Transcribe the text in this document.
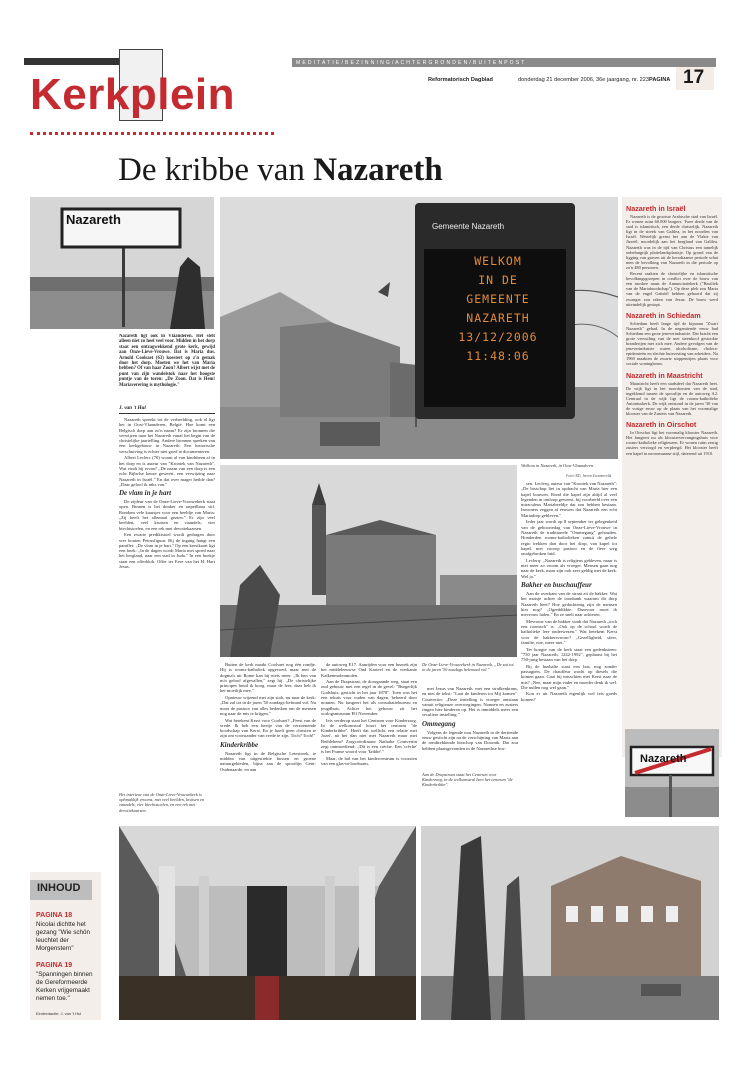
M E D I T A T I E / B E Z I N N I N G / A C H T E R G R O N D E N / B U I T E N P O S T
Kerkplein	Reformatorisch Dagblad	donderdag 21 december 2006, 36e jaargang, nr. 223 PAGINA 17
De kribbe van Nazareth
Nazareth	Gemeente Nazareth
WELKOM
IN DE
GEMEENTE
NAZARETH
13/12/2006
11:48:06
Nazareth in Israël

Nazareth is de grootste Arabische stad van Israël. Er wonen ruim 60.000 burgers. Twee derde van de stad is islamitisch, een derde christelijk. Nazareth ligt in de streek van Galilea, in het noorden van Israël. Westelijk grenst het aan de Vlakte van Jizreël, noordelijk aan het bergland van Galilea. Nazareth was in de tijd van Christus een tamelijk onbelangrijk plattelandsplaatsje. Op grond van de ligging van graven uit de herodiaanse periode schat men de bevolking van Nazareth in die periode op zo'n 480 personen.

Recent raakten de christelijke en islamitische bevolkingsgroepen in conflict over de bouw van een moskee naast de Annunciatiekerk ("Basiliek van de Mariaboodschap"). Op deze plek zou Maria van de engel Gabriël hebben gehoord dat zij zwanger zou raken van Jezus. De bouw werd uiteindelijk gestopt.

Nazareth in Schiedam

Schiedam heeft lange tijd de bijnaam "Zwart Nazareth" gehad. In de negentiende eeuw had Schiedam een grote jeneverindustrie. Dat bracht een grote vervuiling van de met steenkool gestookte branderijen met zich mee. Andere gevolgen van de jeneverindustrie waren alcoholisme, cholera-epidemieën en slechte huisvesting van arbeiders. Na 1960 maakten de zwarte stoppenrijen plaats voor sociale woningbouw.

Nazareth in Maastricht

Maastricht heeft een stadsdeel dat Nazareth heet. De wijk ligt in het noordoosten van de stad, ingeklemd tussen de spoorlijn en de autoweg A2. Centraal in de wijk ligt de rooms-katholieke Antoniuskerk. De wijk ontstond in de jaren '30 van de vorige eeuw op de plaats van het voormalige klooster van de Zusters van Nazareth.

Nazareth in Oirschot

In Oirschot ligt het voormalig klooster Nazareth. Het fungeert nu als kloostervervangingshuis voor rooms-katholieke religieuzen. Er wonen ruim zestig zusters verzorgd en verpleegd. Het klooster heeft een kapel in neoromaanse stijl, daterend uit 1910.

Nazareth ligt ook in Vlaanderen. Het stelt alleen niet zo heel veel voor. Midden in het dorp staat een ontzagwekkend grote kerk, gewijd aan Onze-Lieve-Vrouwe. Dat is Maria dus. Arnold Coolsaet (63) koestert op z'n gemak door het dorp. Moeten we het van Maria hebben? Of van haar Zoon? Albert wijst met de punt van zijn wandelstok naar het hoogste puntje van de toren: „De Zoon. Dat is Hem! Mariaverering is mythologie."
J. van 't Hul

Nazareth spreekt tot de verbeelding, ook al ligt het in Oost-Vlaanderen, België. Hoe komt een Belgisch dorp aan zo'n naam? Er zijn bronnen die verwijzen naar het Nazareth vanaf het begin van de christelijke jaartelling. Andere bronnen spreken van een kerkgebouw in Nazareth. Een historische verschuiving is echter niet goed te documenteren.

Albert Leclerc (70) woont al van kindsbeen af in het dorp en is auteur van "Kroniek van Nazareth". Wat vindt hij ervan? „De naam van een dorp is een echt Bijbelse keuze geweest, een verwijzing naar Nazareth in Israël." En dat over mager heilde dan? „Daar geloof ik niks van."

De vlam in je hart

De zijdeur van de Onze-Lieve-Vrouwekerk staat open. Binnen is het donker en onpeilbaar stil. Rondom vele kaarsjes voor een beeldje van Maria: „Zij heeft het allemaal gezien." Er zijn veel beelden, veel kruisen en vaandels, vier biechtstoelen, en een rek met devotiekaarsen.

Een zwarte prediktstoel wordt gedragen door vier houten Petrusfiguur. Bij de ingang hangt een pamflet: „De vlam in je hart." Op een kerstkaart ligt een boek: „In de dagen wordt Maria met spoed naar het bergland, naar een stad in Juda." In een boekje staat een offerblok. Offer ter Eere van het H. Hart Jesus.

Buiten de kerk maakt Coolsaet nog één rondje. Hij is rooms-katholiek opgevoed, maar met de dogma's uit Rome kan hij niets meer. „Ik ben van m'n geloof afgevallen," zegt hij. „De christelijke principes houd ik hoog, maar de leer, daar heb ik het moeilijk mee."

Opnieuw wijzend met zijn stok, nu naar de kerk: „Dat zal tot in de jaren '50 zondags-liefmaal vol. Nu moet de pastoor van alles bedenken om de mensen nog naar de mis te krijgen."

Wat betekent Kerst voor Coolsaet? „Feest van de vrede. Ik heb een beetje van de verzoenende boodschap van Kerst. En je hoeft geen christen te zijn om voorstander van vrede te zijn. Toch? Toch!"

Kinderkribbe

Nazareth ligt in de Belgische Leiestreek, te midden van uitgestrekte bossen en groene natuurgebieden, bijna aan de spoorlijn Gent-Oudenaarde, en aan

de autoweg E17. Aanrijden voor een bezoek zijn het middeleeuwse Oud Kasteel en de vierkante Kalkenmolenmolen.

Aan de Drapstraat, de doorgaande weg, staat een oud gebouw met een tegel in de gevel: "Burgerlijk Godshuis, gesticht in het jaar 1878". Toen was het een tehuis voor ouden van dagen, beheerd door nonnen. Nu fungeert het als consultatiebureau en jeugdhuis. Achter het gebouw zit het oorlogsmuseum Elf November.

Iets verderop staat het Centrum voor Kinderzorg. In de welkomstral hoort het centrum "de Kinderkribbe". Heeft dat wellicht een relatie met Jozef, ná het dan niet met Nazareth maar met Bethlehem? Zorgcoördinator Nathalie Coutveriin zegt ontmoediend: „Dit is een crèche. Een 'crèche' is het Franse woord voor 'kribbe'."

Maar, de hal van het kindercentrum is voorzien van een glas-in-loodraam,

De Onze-Lieve-Vrouwekerk in Nazareth, „De zat tot in de jaren '50 zondags helemaal vol."

met Jezus van Nazareth, met een strafkenkrans, en met de tekst: "Laat de kinderen tot Mij komen". Coutveriin: „Deze instelling is vroeger ontstaan vanuit religieuze overwegingen. Nonnen en zusters ringen hier kinderen op. Het is inmiddels meer een seculiere instelling."

Ommegang

Volgens de legende nou Nazareth in de dertiende eeuw gesticht zijn na de verschijning van Maria aan de rondtrekkende bisschop van Doornik. Dat zou hebben plaatsgevonden in de Nazarethse bos-

Aan de Drapstraat staat het Centrum voor Kinderzorg, in de welkomstral heet het centrum "de Kinderkribbe".
Welkom in Nazareth, in Oost-Vlaanderen.
Foto's RD, Jeroen Zwanenveldt

sen. Leclerq, auteur van "Kroniek van Nazareth": „De bisschop liet in opdracht van Maria hier een kapel bouwen. Rond die kapel zijn altijd al veel legenden in omloop geweest, bij voorbeeld over een miraculeus Mariabeeldje dat zou hebben bestaan. Inwoners zeggen al eeuwen dat Nazareth een echt Mariadorp gebleven."

Ieder jaar wordt op 8 september ter gelegenheid van de geboortedag van Onze-Lieve-Vrouwe in Nazareth de traditionele "Ommegang" gehouden. Honderden rooms-katholieken vanuit de gehele regio trekken dan door het dorp, van kapel tot kapel, met voorop pastoor en de fiere weg onafgebroken luid.

Leclerq: „Nazareth is religieus gebleven, maar is niet meer zo vroom als vroeger. Mensen gaan nog naar de kerk, maar zijn ook zeer geldig met de kerk. Wel ja."

Bakher en buschauffeur

Aan de overkant van de straat zit de bakker. Wat het moisje achter de toonbank waarom dit dorp Nazareth heet? Hoe gedachtenig zijn de mensen hier nog? „Ogenblikkie. Daarvoor moet ik mevrouw halen." En ze snelt naar achteren.

Mevrouw van de bakker vindt dat Nazareth „toch een roomsch" is. „Ook op de school wordt de katholieke leer onderwezen." Wat betekent Kerst voor de bakkersvrouw? „Gezelligheid, sfeer, familie, noe, meer niet."

Ter hoogte van de kerk staat een gedenksteen: "750 jaar Nazareth, 1242-1992", geplaatst bij het 750-jarig bestaan van het dorp.

Bij de bushalte staat een bus, nog zonder passagiers. De chauffeur wacht op diesels die komen gaan. Gaat hij misschien met Kerst naar de mis? „Nee, maar mijn vader en moeder denk ik wel. Die nullen nog wel gaan."

Kon er uit Nazareth eigenlijk wel iets goeds komen?

Nazareth
Het interieur van de Onze-Lieve-Vrouwekerk is ophmaklijk vrooms, met veel beelden, kruisen en vaandels, vier biechtstoelen, en een rek met devotiekaarsen.
INHOUD
PAGINA 18
Nicolai dichtte het gezang "Wie schön leuchtet der Morgenstern"
PAGINA 19
"Spanningen binnen de Gereformeerde Kerken vrijgemaakt nemen toe."
Eindredactie: J. van 't Hul
